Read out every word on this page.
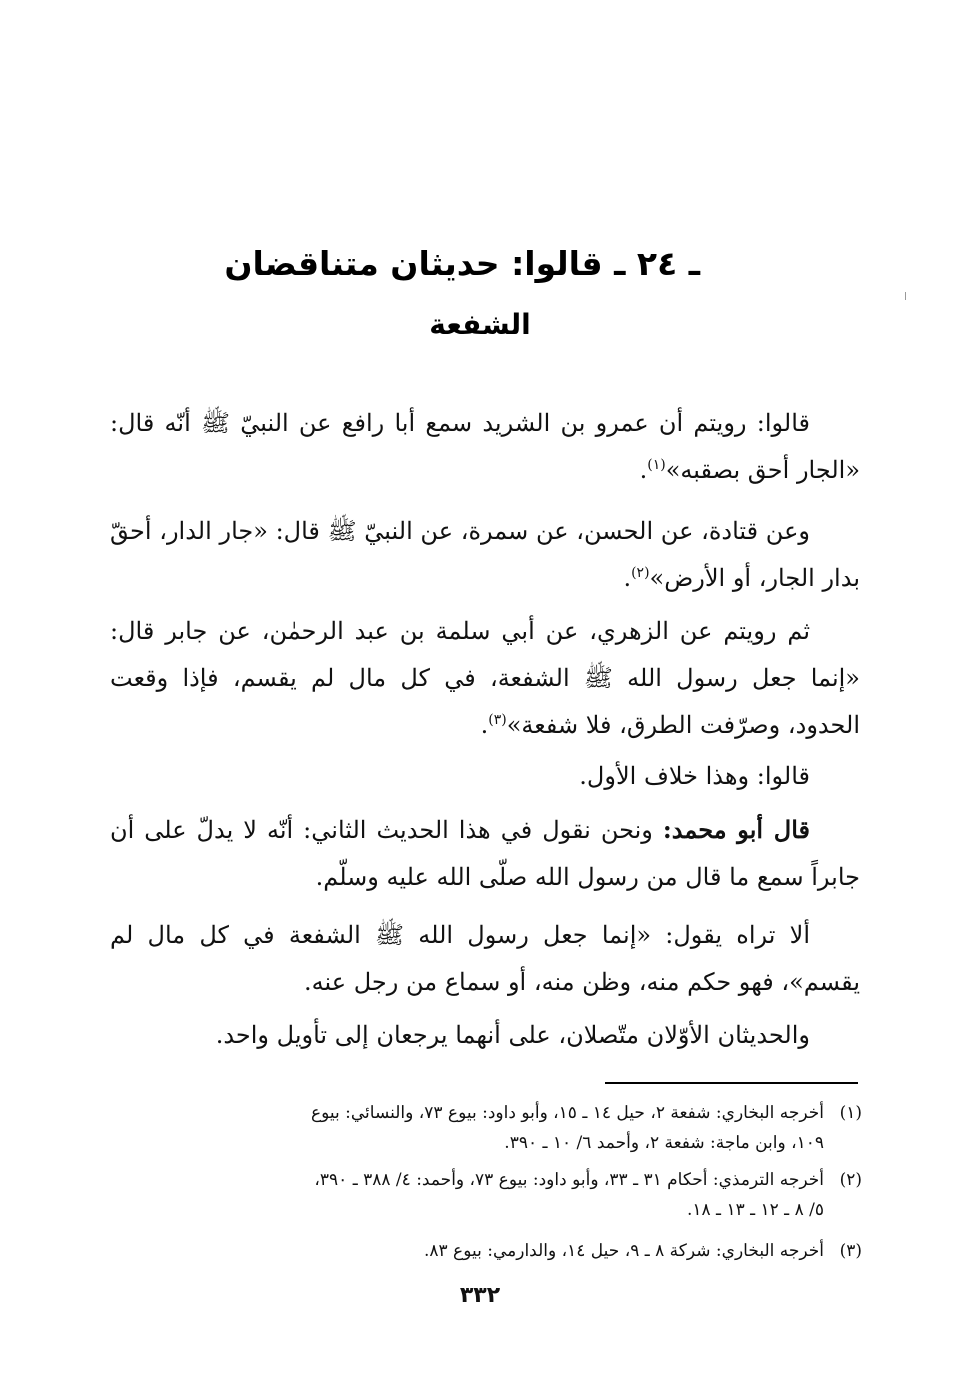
ـ ٢٤ ـ قالوا: حديثان متناقضان
الشفعة
قالوا: رويتم أن عمرو بن الشريد سمع أبا رافع عن النبيّ ﷺ أنّه قال: «الجار أحق بصقبه»$^{(١)}$.
وعن قتادة، عن الحسن، عن سمرة، عن النبيّ ﷺ قال: «جار الدار، أحقّ بدار الجار، أو الأرض»$^{(٢)}$.
ثم رويتم عن الزهري، عن أبي سلمة بن عبد الرحمٰن، عن جابر قال: «إنما جعل رسول الله ﷺ الشفعة، في كل مال لم يقسم، فإذا وقعت الحدود، وصرّفت الطرق، فلا شفعة»$^{(٣)}$.
قالوا: وهذا خلاف الأول.
قال أبو محمد: ونحن نقول في هذا الحديث الثاني: أنّه لا يدلّ على أن جابراً سمع ما قال من رسول الله صلّى الله عليه وسلّم.
ألا تراه يقول: «إنما جعل رسول الله ﷺ الشفعة في كل مال لم يقسم»، فهو حكم منه، وظن منه، أو سماع من رجل عنه.
والحديثان الأوّلان متّصلان، على أنهما يرجعان إلى تأويل واحد.
(١)أخرجه البخاري: شفعة ٢، حيل ١٤ ـ ١٥، وأبو داود: بيوع ٧٣، والنسائي: بيوع
١٠٩، وابن ماجة: شفعة ٢، وأحمد ٦/ ١٠ ـ ٣٩٠.
(٢)أخرجه الترمذي: أحكام ٣١ ـ ٣٣، وأبو داود: بيوع ٧٣، وأحمد: ٤/ ٣٨٨ ـ ٣٩٠،
٥/ ٨ ـ ١٢ ـ ١٣ ـ ١٨.
(٣)أخرجه البخاري: شركة ٨ ـ ٩، حيل ١٤، والدارمي: بيوع ٨٣.
٣٣٢
